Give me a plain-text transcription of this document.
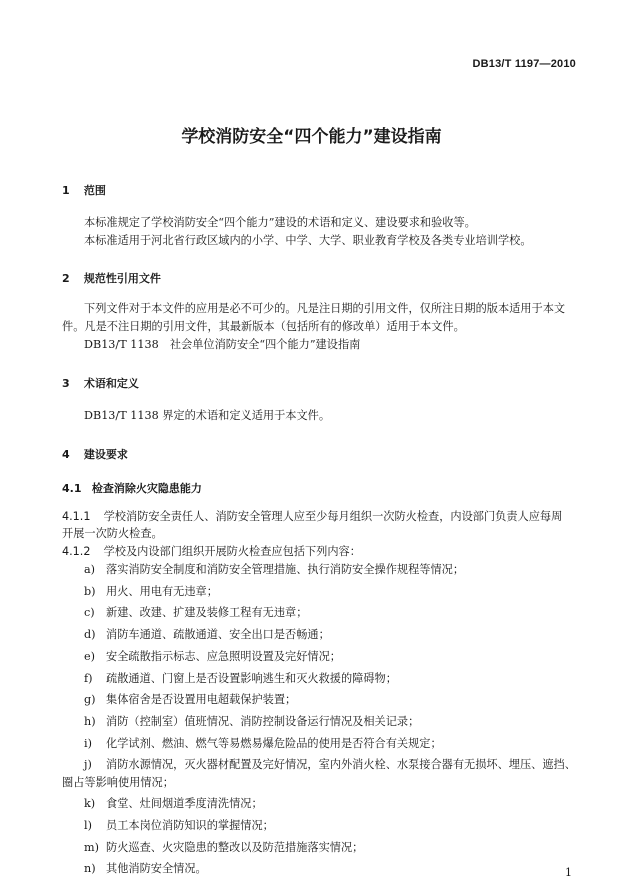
DB13/T 1197—2010
学校消防安全“四个能力”建设指南
1 范围
本标准规定了学校消防安全“四个能力”建设的术语和定义、建设要求和验收等。
本标准适用于河北省行政区域内的小学、中学、大学、职业教育学校及各类专业培训学校。
2 规范性引用文件
下列文件对于本文件的应用是必不可少的。凡是注日期的引用文件，仅所注日期的版本适用于本文
件。凡是不注日期的引用文件，其最新版本（包括所有的修改单）适用于本文件。
DB13/T 1138　社会单位消防安全“四个能力”建设指南
3 术语和定义
DB13/T 1138 界定的术语和定义适用于本文件。
4 建设要求
4.1 检查消除火灾隐患能力
4.1.1 学校消防安全责任人、消防安全管理人应至少每月组织一次防火检查，内设部门负责人应每周
开展一次防火检查。
4.1.2 学校及内设部门组织开展防火检查应包括下列内容：
a) 落实消防安全制度和消防安全管理措施、执行消防安全操作规程等情况；
b) 用火、用电有无违章；
c) 新建、改建、扩建及装修工程有无违章；
d) 消防车通道、疏散通道、安全出口是否畅通；
e) 安全疏散指示标志、应急照明设置及完好情况；
f) 疏散通道、门窗上是否设置影响逃生和灭火救援的障碍物；
g) 集体宿舍是否设置用电超载保护装置；
h) 消防（控制室）值班情况、消防控制设备运行情况及相关记录；
i) 化学试剂、燃油、燃气等易燃易爆危险品的使用是否符合有关规定；
j) 消防水源情况，灭火器材配置及完好情况，室内外消火栓、水泵接合器有无损坏、埋压、遮挡、
圈占等影响使用情况；
k) 食堂、灶间烟道季度清洗情况；
l) 员工本岗位消防知识的掌握情况；
m) 防火巡查、火灾隐患的整改以及防范措施落实情况；
n) 其他消防安全情况。	1
